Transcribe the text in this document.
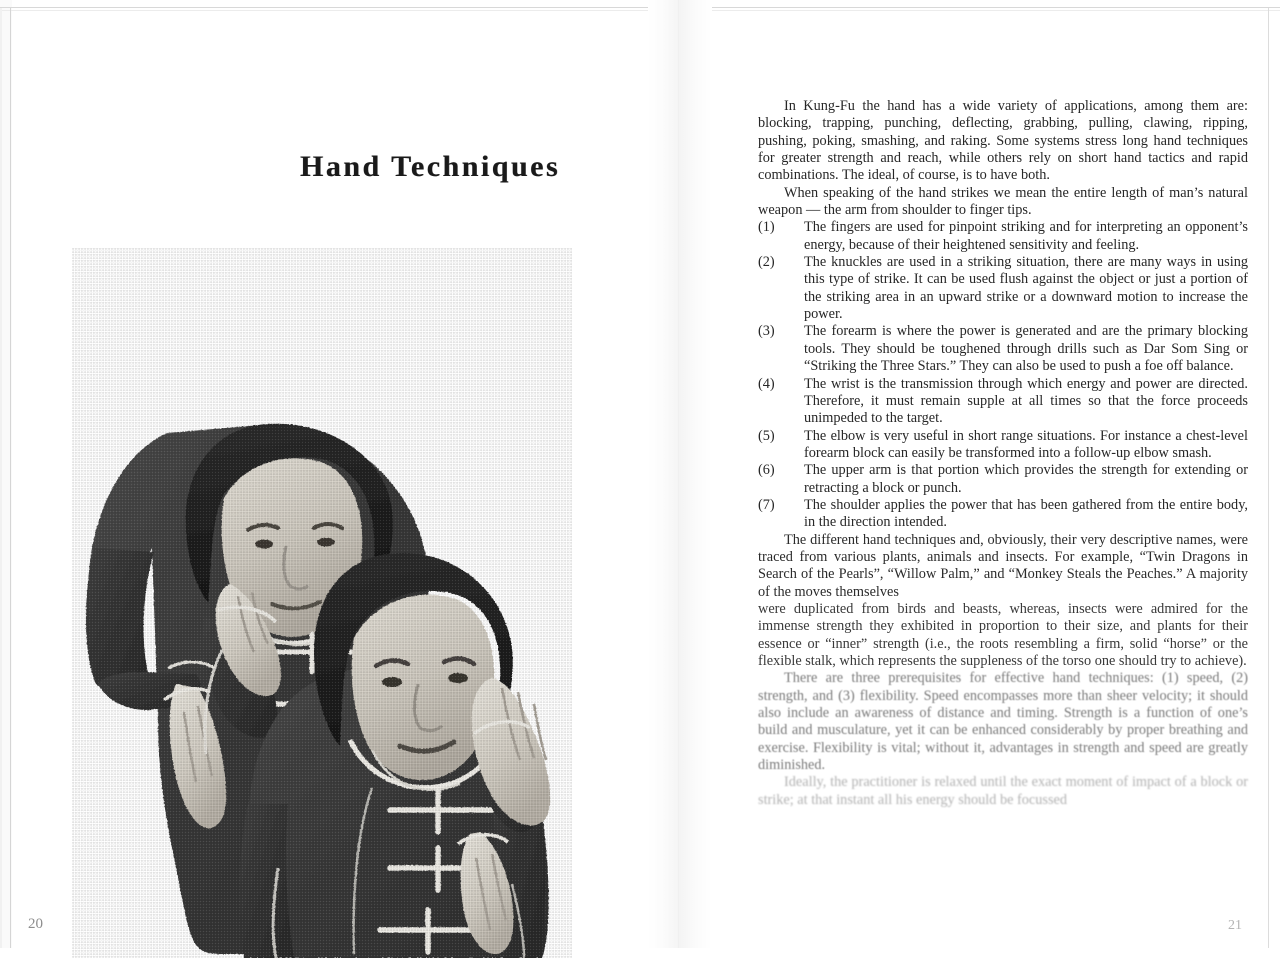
Hand Techniques
20

In Kung-Fu the hand has a wide variety of applications, among them are: blocking, trapping, punching, deflecting, grabbing, pulling, clawing, ripping, pushing, poking, smashing, and raking. Some systems stress long hand techniques for greater strength and reach, while others rely on short hand tactics and rapid combinations. The ideal, of course, is to have both.

When speaking of the hand strikes we mean the entire length of man’s natural weapon — the arm from shoulder to finger tips.

(1)	The fingers are used for pinpoint striking and for interpreting an opponent’s energy, because of their heightened sensitivity and feeling.
(2)	The knuckles are used in a striking situation, there are many ways in using this type of strike. It can be used flush against the object or just a portion of the striking area in an upward strike or a downward motion to increase the power.
(3)	The forearm is where the power is generated and are the primary blocking tools. They should be toughened through drills such as Dar Som Sing or “Striking the Three Stars.” They can also be used to push a foe off balance.
(4)	The wrist is the transmission through which energy and power are directed. Therefore, it must remain supple at all times so that the force proceeds unimpeded to the target.
(5)	The elbow is very useful in short range situations. For instance a chest-level forearm block can easily be transformed into a follow-up elbow smash.
(6)	The upper arm is that portion which provides the strength for extending or retracting a block or punch.
(7)	The shoulder applies the power that has been gathered from the entire body, in the direction intended.

The different hand techniques and, obviously, their very descriptive names, were traced from various plants, animals and insects. For example, “Twin Dragons in Search of the Pearls”, “Willow Palm,” and “Monkey Steals the Peaches.” A majority of the moves themselves

were duplicated from birds and beasts, whereas, insects were admired for the immense strength they exhibited in proportion to their size, and plants for their essence or “inner” strength (i.e., the roots resembling a firm, solid “horse” or the flexible stalk, which represents the suppleness of the torso one should try to achieve).

There are three prerequisites for effective hand techniques: (1) speed, (2) strength, and (3) flexibility. Speed encompasses more than sheer velocity; it should also include an awareness of distance and timing. Strength is a function of one’s build and musculature, yet it can be enhanced considerably by proper breathing and exercise. Flexibility is vital; without it, advantages in strength and speed are greatly diminished.

Ideally, the practitioner is relaxed until the exact moment of impact of a block or strike; at that instant all his energy should be focussed

21
